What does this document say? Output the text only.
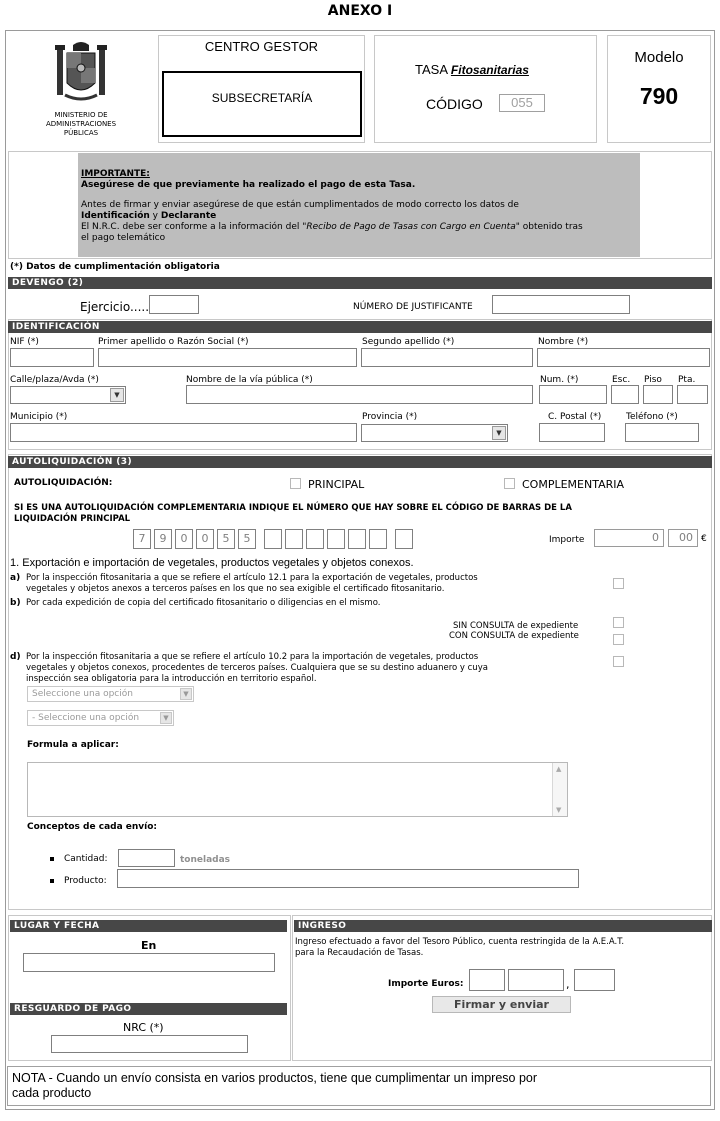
ANEXO I
MINISTERIO DE
ADMINISTRACIONES
PÚBLICAS
CENTRO GESTOR
SUBSECRETARÍA
TASA Fitosanitarias
CÓDIGO	055
Modelo
790
IMPORTANTE:
Asegúrese de que previamente ha realizado el pago de esta Tasa.
Antes de firmar y enviar asegúrese de que están cumplimentados de modo correcto los datos de
Identificación y Declarante
El N.R.C. debe ser conforme a la información del "Recibo de Pago de Tasas con Cargo en Cuenta" obtenido tras
el pago telemático
(*) Datos de cumplimentación obligatoria
DEVENGO (2)
Ejercicio.....	NÚMERO DE JUSTIFICANTE
IDENTIFICACIÓN
NIF (*)	Primer apellido o Razón Social (*)	Segundo apellido (*)	Nombre (*)
Calle/plaza/Avda (*)
▼
Nombre de la vía pública (*)	Num. (*)	Esc. Piso Pta.
Municipio (*)	Provincia (*)
▼
C. Postal (*)	Teléfono (*)
AUTOLIQUIDACIÓN (3)
AUTOLIQUIDACIÓN:	PRINCIPAL	COMPLEMENTARIA
SI ES UNA AUTOLIQUIDACIÓN COMPLEMENTARIA INDIQUE EL NÚMERO QUE HAY SOBRE EL CÓDIGO DE BARRAS DE LA
LIQUIDACIÓN PRINCIPAL
7	9	0	0	5	5	Importe	0	00 €
1. Exportación e importación de vegetales, productos vegetales y objetos conexos.
a) Por la inspección fitosanitaria a que se refiere el artículo 12.1 para la exportación de vegetales, productos
vegetales y objetos anexos a terceros países en los que no sea exigible el certificado fitosanitario.
b) Por cada expedición de copia del certificado fitosanitario o diligencias en el mismo.
SIN CONSULTA de expediente
CON CONSULTA de expediente
d) Por la inspección fitosanitaria a que se refiere el artículo 10.2 para la importación de vegetales, productos
vegetales y objetos conexos, procedentes de terceros países. Cualquiera que se su destino aduanero y cuya
inspección sea obligatoria para la introducción en territorio español.
Seleccione una opción	▼
- Seleccione una opción	▼
Formula a aplicar:
▲
▼
Conceptos de cada envío:
Cantidad:	toneladas
Producto:
LUGAR Y FECHA
En
RESGUARDO DE PAGO
NRC (*)
INGRESO
Ingreso efectuado a favor del Tesoro Público, cuenta restringida de la A.E.A.T.
para la Recaudación de Tasas.
Importe Euros:	,
Firmar y enviar
NOTA - Cuando un envío consista en varios productos, tiene que cumplimentar un impreso por
cada producto
